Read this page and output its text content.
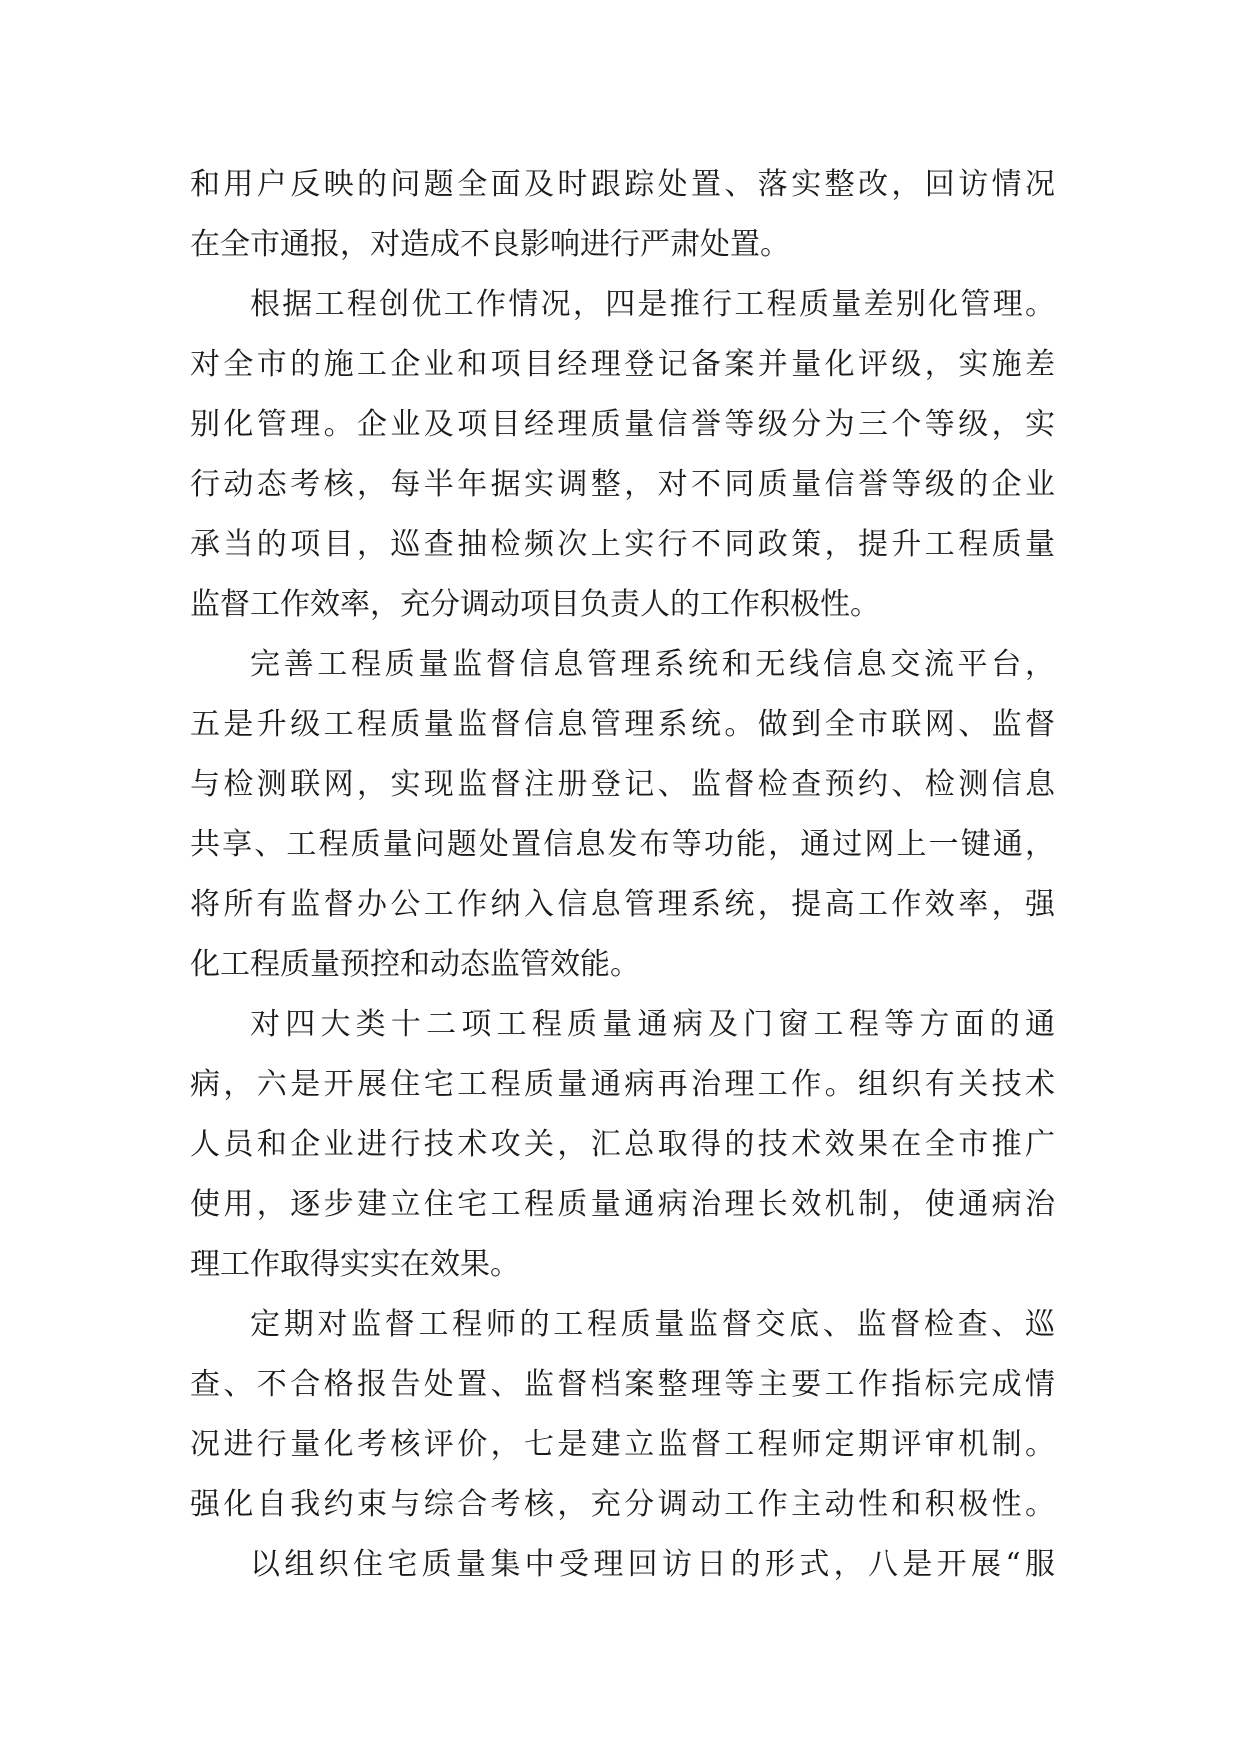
和用户反映的问题全面及时跟踪处置、落实整改，回访情况
在全市通报，对造成不良影响进行严肃处置。
根据工程创优工作情况，四是推行工程质量差别化管理。
对全市的施工企业和项目经理登记备案并量化评级，实施差
别化管理。企业及项目经理质量信誉等级分为三个等级，实
行动态考核，每半年据实调整，对不同质量信誉等级的企业
承当的项目，巡查抽检频次上实行不同政策，提升工程质量
监督工作效率，充分调动项目负责人的工作积极性。
完善工程质量监督信息管理系统和无线信息交流平台，
五是升级工程质量监督信息管理系统。做到全市联网、监督
与检测联网，实现监督注册登记、监督检查预约、检测信息
共享、工程质量问题处置信息发布等功能，通过网上一键通，
将所有监督办公工作纳入信息管理系统，提高工作效率，强
化工程质量预控和动态监管效能。
对四大类十二项工程质量通病及门窗工程等方面的通
病，六是开展住宅工程质量通病再治理工作。组织有关技术
人员和企业进行技术攻关，汇总取得的技术效果在全市推广
使用，逐步建立住宅工程质量通病治理长效机制，使通病治
理工作取得实实在效果。
定期对监督工程师的工程质量监督交底、监督检查、巡
查、不合格报告处置、监督档案整理等主要工作指标完成情
况进行量化考核评价，七是建立监督工程师定期评审机制。
强化自我约束与综合考核，充分调动工作主动性和积极性。
以组织住宅质量集中受理回访日的形式，八是开展“服
